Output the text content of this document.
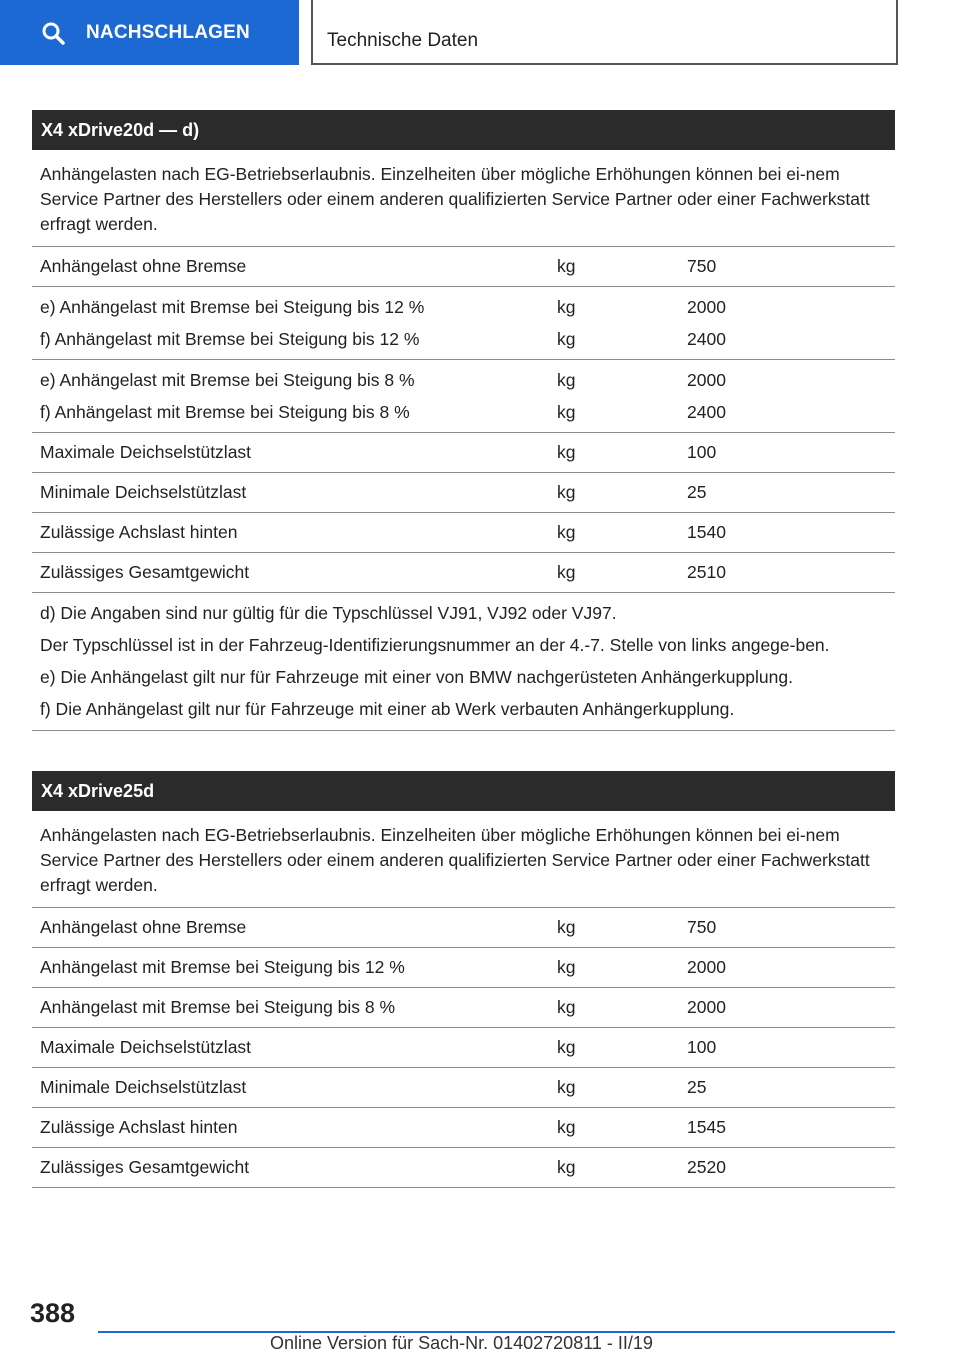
NACHSCHLAGEN	Technische Daten
X4 xDrive20d — d)
Anhängelasten nach EG-Betriebserlaubnis. Einzelheiten über mögliche Erhöhungen können bei ei-nem Service Partner des Herstellers oder einem anderen qualifizierten Service Partner oder einer Fachwerkstatt erfragt werden.
Anhängelast ohne Bremse	kg	750
e) Anhängelast mit Bremse bei Steigung bis 12 %	kg	2000
f) Anhängelast mit Bremse bei Steigung bis 12 %	kg	2400
e) Anhängelast mit Bremse bei Steigung bis 8 %	kg	2000
f) Anhängelast mit Bremse bei Steigung bis 8 %	kg	2400
Maximale Deichselstützlast	kg	100
Minimale Deichselstützlast	kg	25
Zulässige Achslast hinten	kg	1540
Zulässiges Gesamtgewicht	kg	2510

d) Die Angaben sind nur gültig für die Typschlüssel VJ91, VJ92 oder VJ97.

Der Typschlüssel ist in der Fahrzeug-Identifizierungsnummer an der 4.-7. Stelle von links angege-ben.

e) Die Anhängelast gilt nur für Fahrzeuge mit einer von BMW nachgerüsteten Anhängerkupplung.

f) Die Anhängelast gilt nur für Fahrzeuge mit einer ab Werk verbauten Anhängerkupplung.

X4 xDrive25d
Anhängelasten nach EG-Betriebserlaubnis. Einzelheiten über mögliche Erhöhungen können bei ei-nem Service Partner des Herstellers oder einem anderen qualifizierten Service Partner oder einer Fachwerkstatt erfragt werden.
Anhängelast ohne Bremse	kg	750
Anhängelast mit Bremse bei Steigung bis 12 %	kg	2000
Anhängelast mit Bremse bei Steigung bis 8 %	kg	2000
Maximale Deichselstützlast	kg	100
Minimale Deichselstützlast	kg	25
Zulässige Achslast hinten	kg	1545
Zulässiges Gesamtgewicht	kg	2520
388
Online Version für Sach-Nr. 01402720811 - II/19
